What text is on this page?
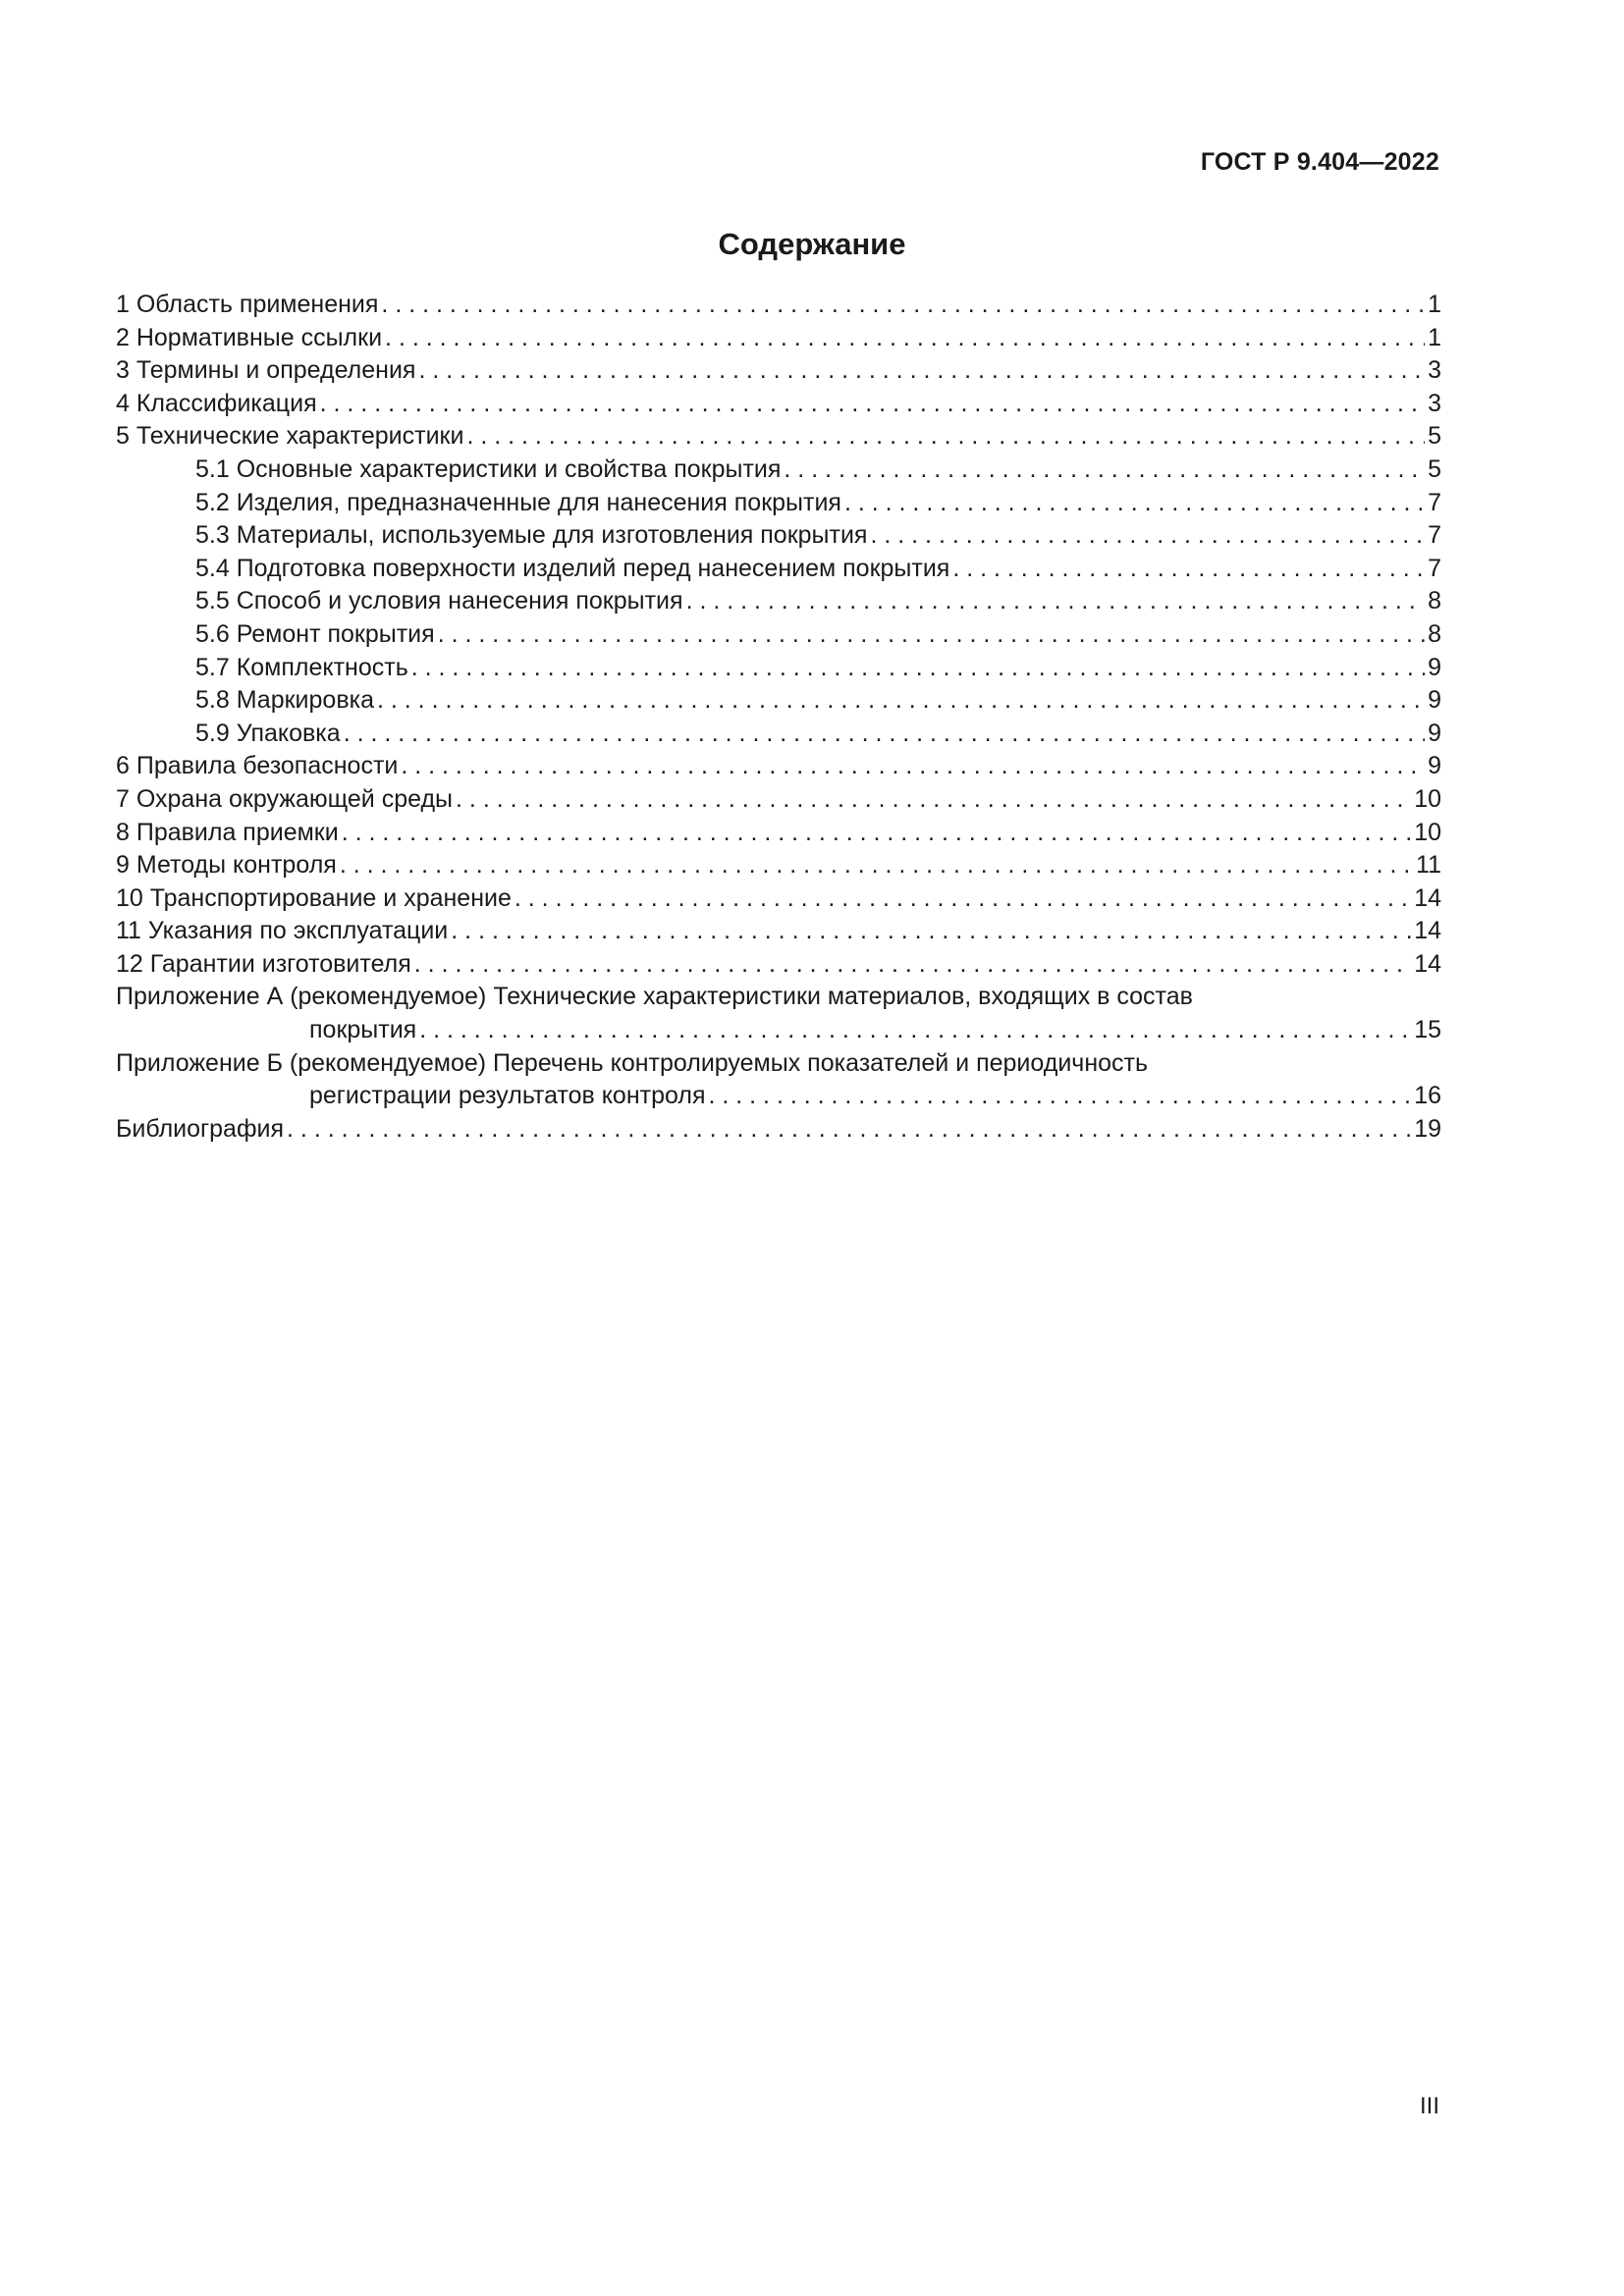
ГОСТ Р 9.404—2022
Содержание
1 Область применения . . .	1
2 Нормативные ссылки . . .	1
3 Термины и определения . . .	3
4 Классификация . . .	3
5 Технические характеристики . . .	5
5.1 Основные характеристики и свойства покрытия . . .	5
5.2 Изделия, предназначенные для нанесения покрытия . . .	7
5.3 Материалы, используемые для изготовления покрытия . . .	7
5.4 Подготовка поверхности изделий перед нанесением покрытия . . .	7
5.5 Способ и условия нанесения покрытия . . .	8
5.6 Ремонт покрытия . . .	8
5.7 Комплектность . . .	9
5.8 Маркировка . . .	9
5.9 Упаковка . . .	9
6 Правила безопасности . . .	9
7 Охрана окружающей среды . . .	10
8 Правила приемки . . .	10
9 Методы контроля . . .	11
10 Транспортирование и хранение . . .	14
11 Указания по эксплуатации . . .	14
12 Гарантии изготовителя . . .	14
Приложение А (рекомендуемое) Технические характеристики материалов, входящих в состав
покрытия . . .	15
Приложение Б (рекомендуемое) Перечень контролируемых показателей и периодичность
регистрации результатов контроля . . .	16
Библиография . . .	19
III
